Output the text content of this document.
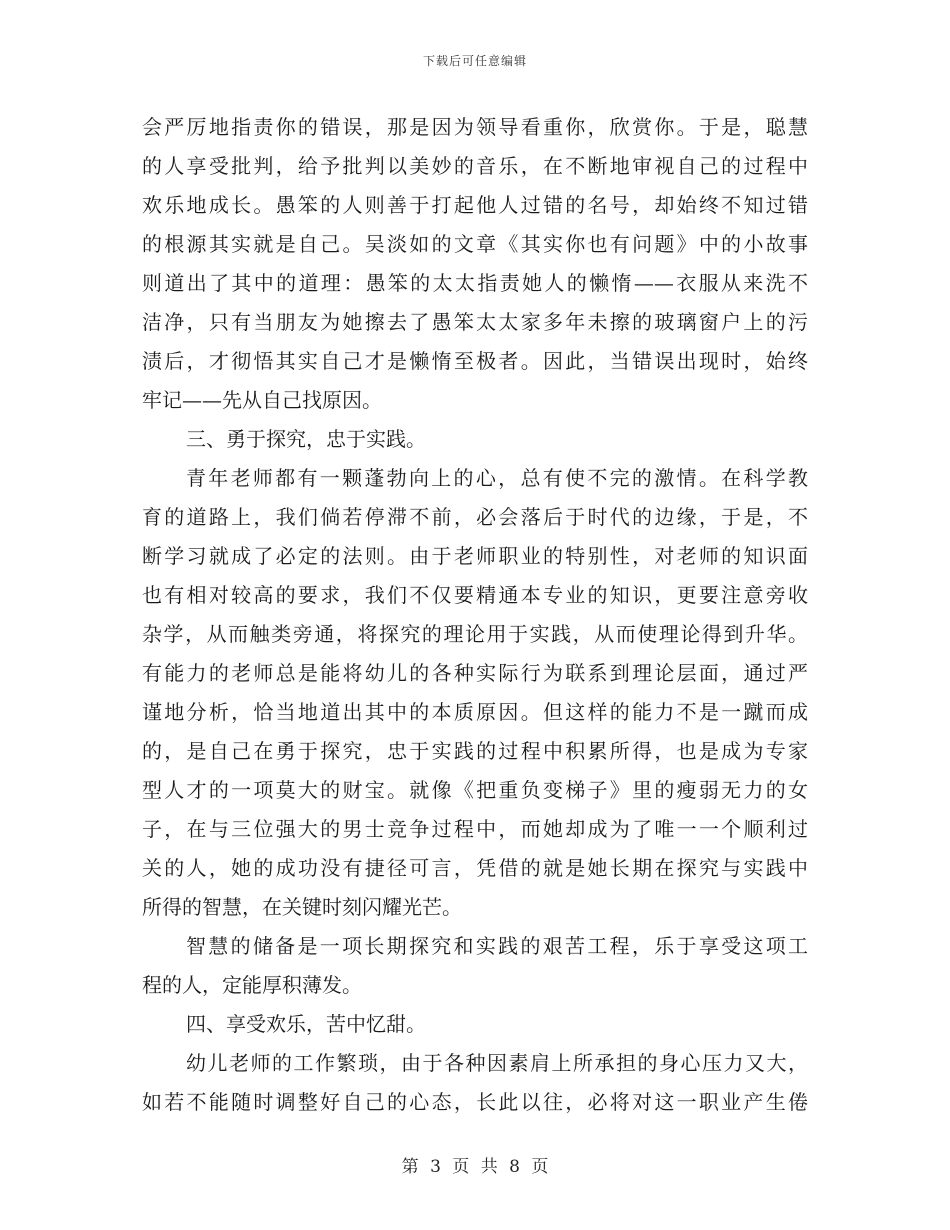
下载后可任意编辑
会严厉地指责你的错误，那是因为领导看重你，欣赏你。于是，聪慧
的人享受批判，给予批判以美妙的音乐，在不断地审视自己的过程中
欢乐地成长。愚笨的人则善于打起他人过错的名号，却始终不知过错
的根源其实就是自己。吴淡如的文章《其实你也有问题》中的小故事
则道出了其中的道理：愚笨的太太指责她人的懒惰——衣服从来洗不
洁净，只有当朋友为她擦去了愚笨太太家多年未擦的玻璃窗户上的污
渍后，才彻悟其实自己才是懒惰至极者。因此，当错误出现时，始终
牢记——先从自己找原因。
三、勇于探究，忠于实践。
青年老师都有一颗蓬勃向上的心，总有使不完的激情。在科学教
育的道路上，我们倘若停滞不前，必会落后于时代的边缘，于是，不
断学习就成了必定的法则。由于老师职业的特别性，对老师的知识面
也有相对较高的要求，我们不仅要精通本专业的知识，更要注意旁收
杂学，从而触类旁通，将探究的理论用于实践，从而使理论得到升华。
有能力的老师总是能将幼儿的各种实际行为联系到理论层面，通过严
谨地分析，恰当地道出其中的本质原因。但这样的能力不是一蹴而成
的，是自己在勇于探究，忠于实践的过程中积累所得，也是成为专家
型人才的一项莫大的财宝。就像《把重负变梯子》里的瘦弱无力的女
子，在与三位强大的男士竞争过程中，而她却成为了唯一一个顺利过
关的人，她的成功没有捷径可言，凭借的就是她长期在探究与实践中
所得的智慧，在关键时刻闪耀光芒。
智慧的储备是一项长期探究和实践的艰苦工程，乐于享受这项工
程的人，定能厚积薄发。
四、享受欢乐，苦中忆甜。
幼儿老师的工作繁琐，由于各种因素肩上所承担的身心压力又大，
如若不能随时调整好自己的心态，长此以往，必将对这一职业产生倦
第 3 页 共 8 页
